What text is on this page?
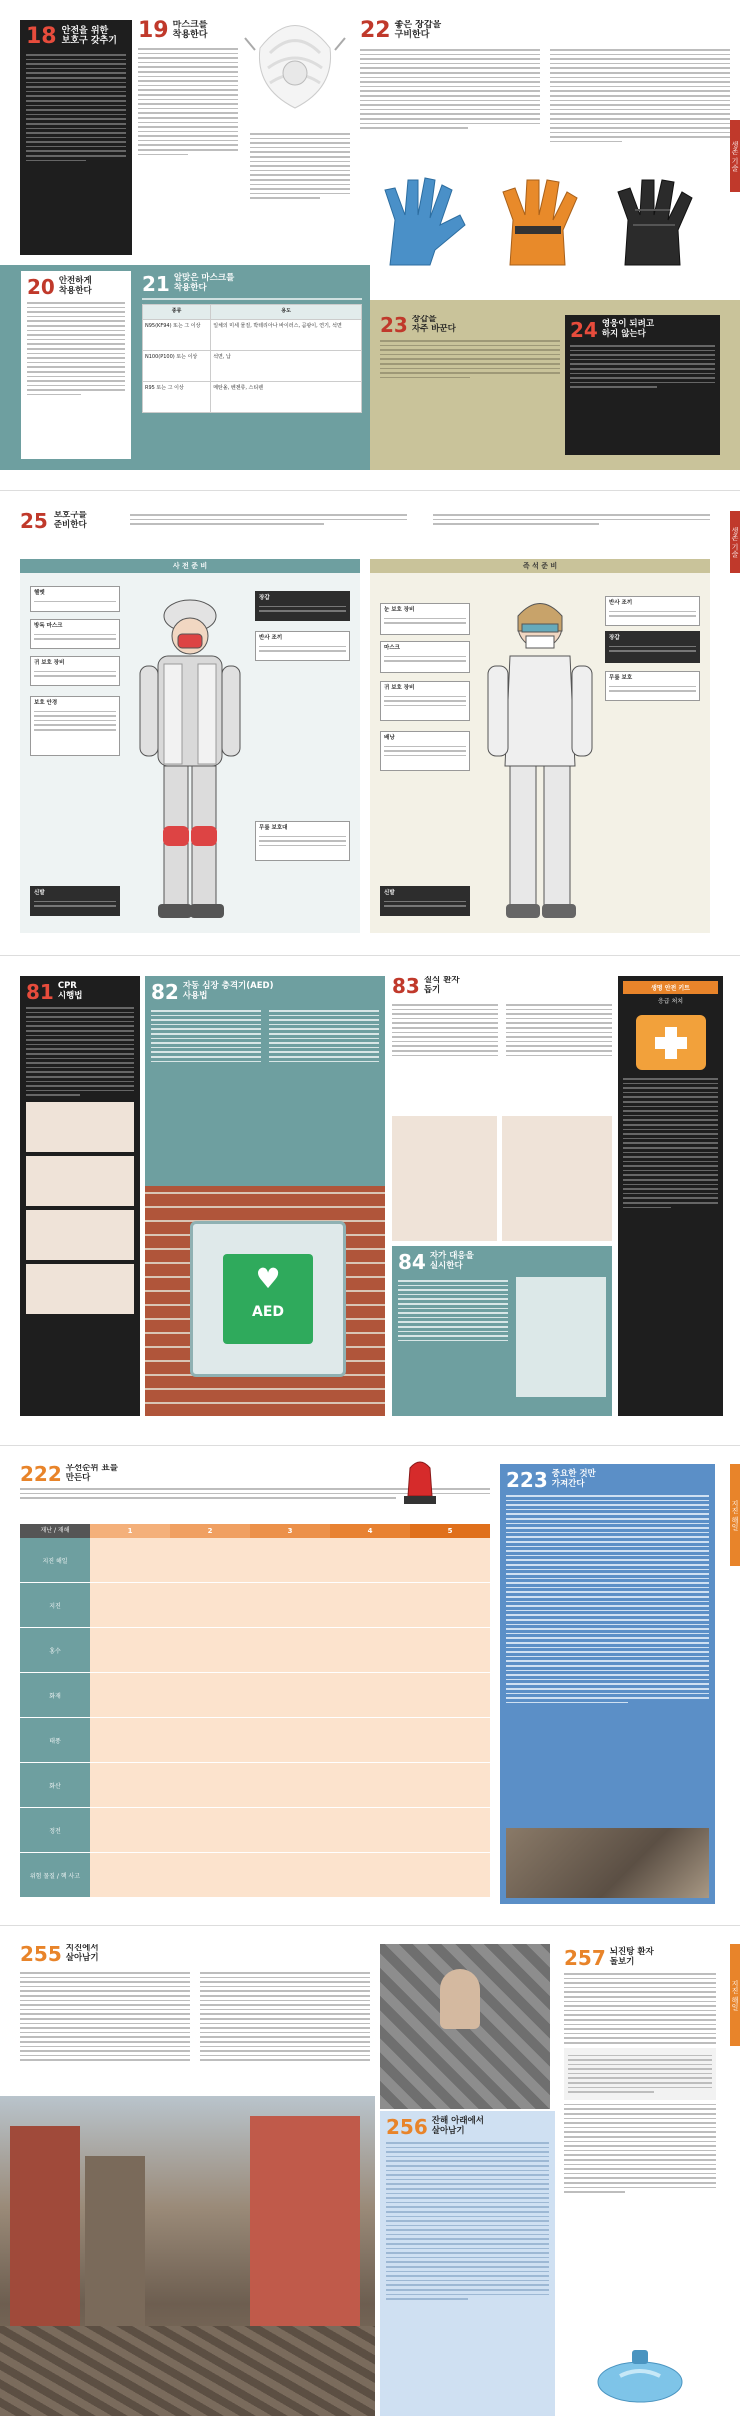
18 안전을 위한
보호구 갖추기 19 마스크를
착용한다	22 좋은 장갑을
구비한다

20 안전하게
착용한다	21 알맞은 마스크를
착용한다
종류	용도
N95(KF94) 또는 그 이상	일체의 미세 물질, 박테리아나 바이러스, 곰팡이, 연기, 석면
N100(P100) 또는 이상	석면, 납
R95 또는 그 이상	메탄올, 벤젠류, 스티렌
23 장갑을
자주 바꾼다	24 영웅이 되려고
하지 않는다
생존 기술
25 보호구를
준비한다
사 전 준 비	즉 석 준 비
헬멧
방독 마스크
귀 보호 장비
보호 안경
신발
장갑
반사 조끼
무릎 보호대
눈 보호 장비
마스크
귀 보호 장비
배낭
신발
반사 조끼
장갑
무릎 보호
생존 기술
81 CPR
시행법	82 자동 심장 충격기(AED)
사용법
♥
AED
83 질식 환자
돕기
84 자가 대응을
실시한다
생명 안전 키트
응급 처치
222 우선순위 표를
만든다
재난 / 재해	1	2	3	4	5
지진 해일
지진
홍수
화재
태풍
화산
정전
위험 물질 / 핵 사고
223 중요한 것만
가져간다
지진 해일
255 지진에서
살아남기
256 잔해 아래에서
살아남기
257 뇌진탕 환자
돌보기
지진 해일
